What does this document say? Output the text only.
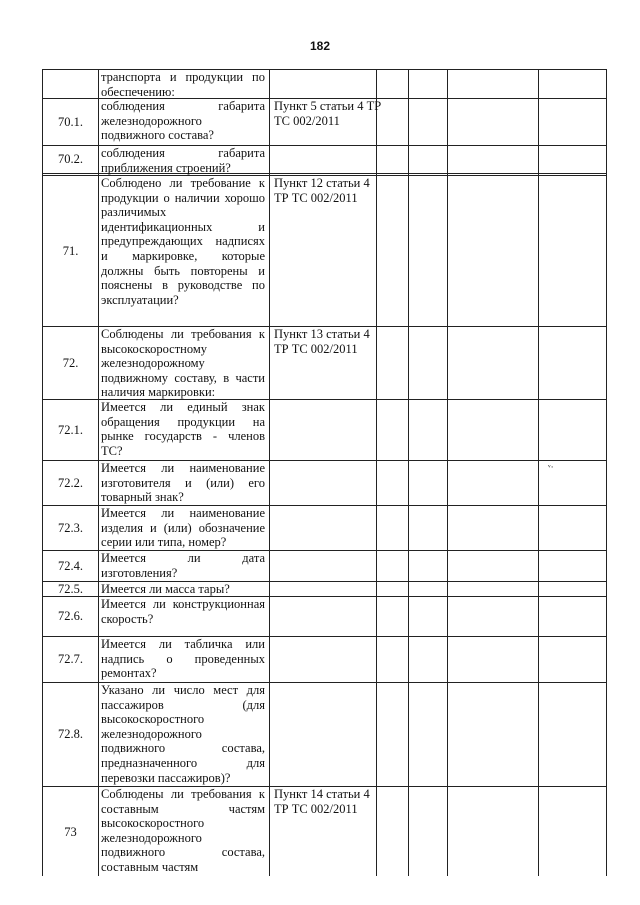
182
транспорта и продукции по обеспечению:
70.1.
соблюдения габарита железнодорожного подвижного состава?
Пункт 5 статьи 4 ТР ТС 002/2011
70.2.	соблюдения габарита приближения строений?
71.
Соблюдено ли требование к продукции о наличии хорошо различимых идентификационных и предупреждающих надписях и маркировке, которые должны быть повторены и пояснены в руководстве по эксплуатации?
Пункт 12 статьи 4 ТР ТС 002/2011
72.
Соблюдены ли требования к высокоскоростному железнодорожному подвижному составу, в части наличия маркировки:
Пункт 13 статьи 4 ТР ТС 002/2011
72.1.
Имеется ли единый знак обращения продукции на рынке государств - членов ТС?
72.2.
Имеется ли наименование изготовителя и (или) его товарный знак?
ᵛ·
72.3.
Имеется ли наименование изделия и (или) обозначение серии или типа, номер?
72.4.
Имеется ли дата изготовления?
72.5.	Имеется ли масса тары?
72.6.
Имеется ли конструкционная скорость?
72.7.
Имеется ли табличка или надпись о проведенных ремонтах?
72.8.
Указано ли число мест для пассажиров (для высокоскоростного железнодорожного подвижного состава, предназначенного для перевозки пассажиров)?
73
Соблюдены ли требования к составным частям высокоскоростного железнодорожного подвижного состава, составным частям
Пункт 14 статьи 4 ТР ТС 002/2011
